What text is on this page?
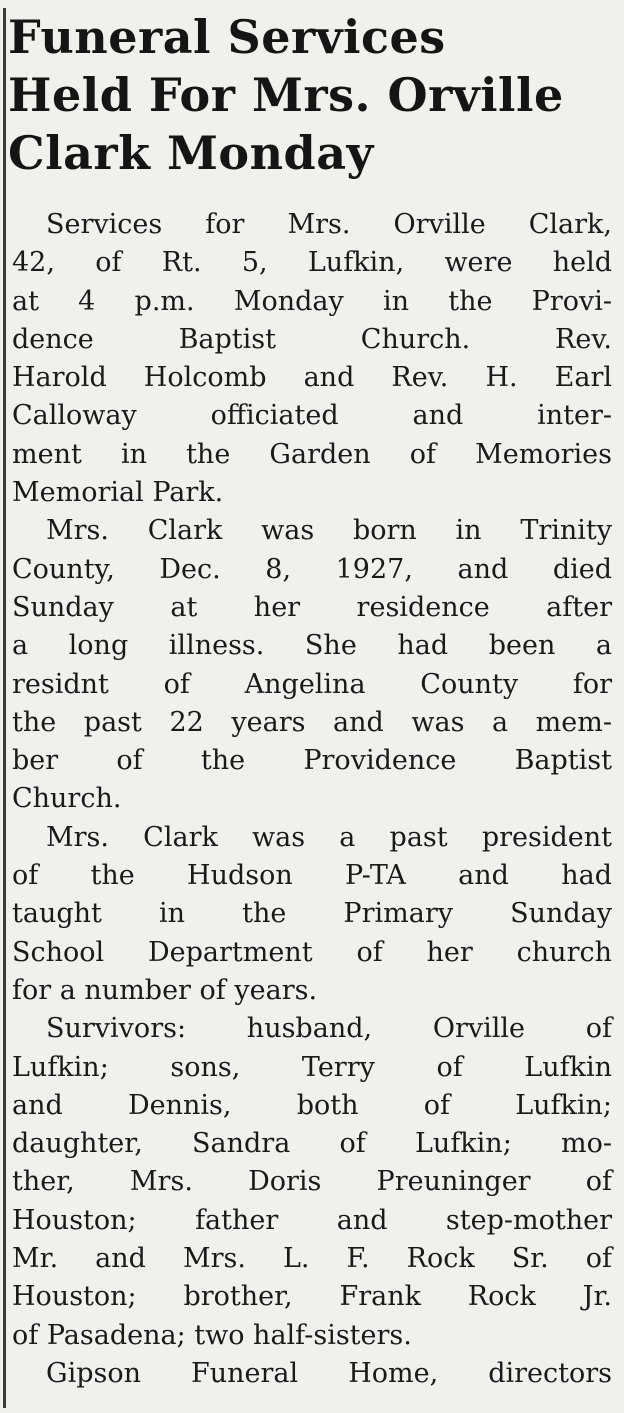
Funeral Services
Held For Mrs. Orville
Clark Monday

Services for Mrs. Orville Clark,
42, of Rt. 5, Lufkin, were held
at 4 p.m. Monday in the Provi-
dence Baptist Church. Rev.
Harold Holcomb and Rev. H. Earl
Calloway officiated and inter-
ment in the Garden of Memories
Memorial Park.

Mrs. Clark was born in Trinity
County, Dec. 8, 1927, and died
Sunday at her residence after
a long illness. She had been a
residnt of Angelina County for
the past 22 years and was a mem-
ber of the Providence Baptist
Church.

Mrs. Clark was a past president
of the Hudson P-TA and had
taught in the Primary Sunday
School Department of her church
for a number of years.

Survivors: husband, Orville of
Lufkin; sons, Terry of Lufkin
and Dennis, both of Lufkin;
daughter, Sandra of Lufkin; mo-
ther, Mrs. Doris Preuninger of
Houston; father and step-mother
Mr. and Mrs. L. F. Rock Sr. of
Houston; brother, Frank Rock Jr.
of Pasadena; two half-sisters.

Gipson Funeral Home, directors
